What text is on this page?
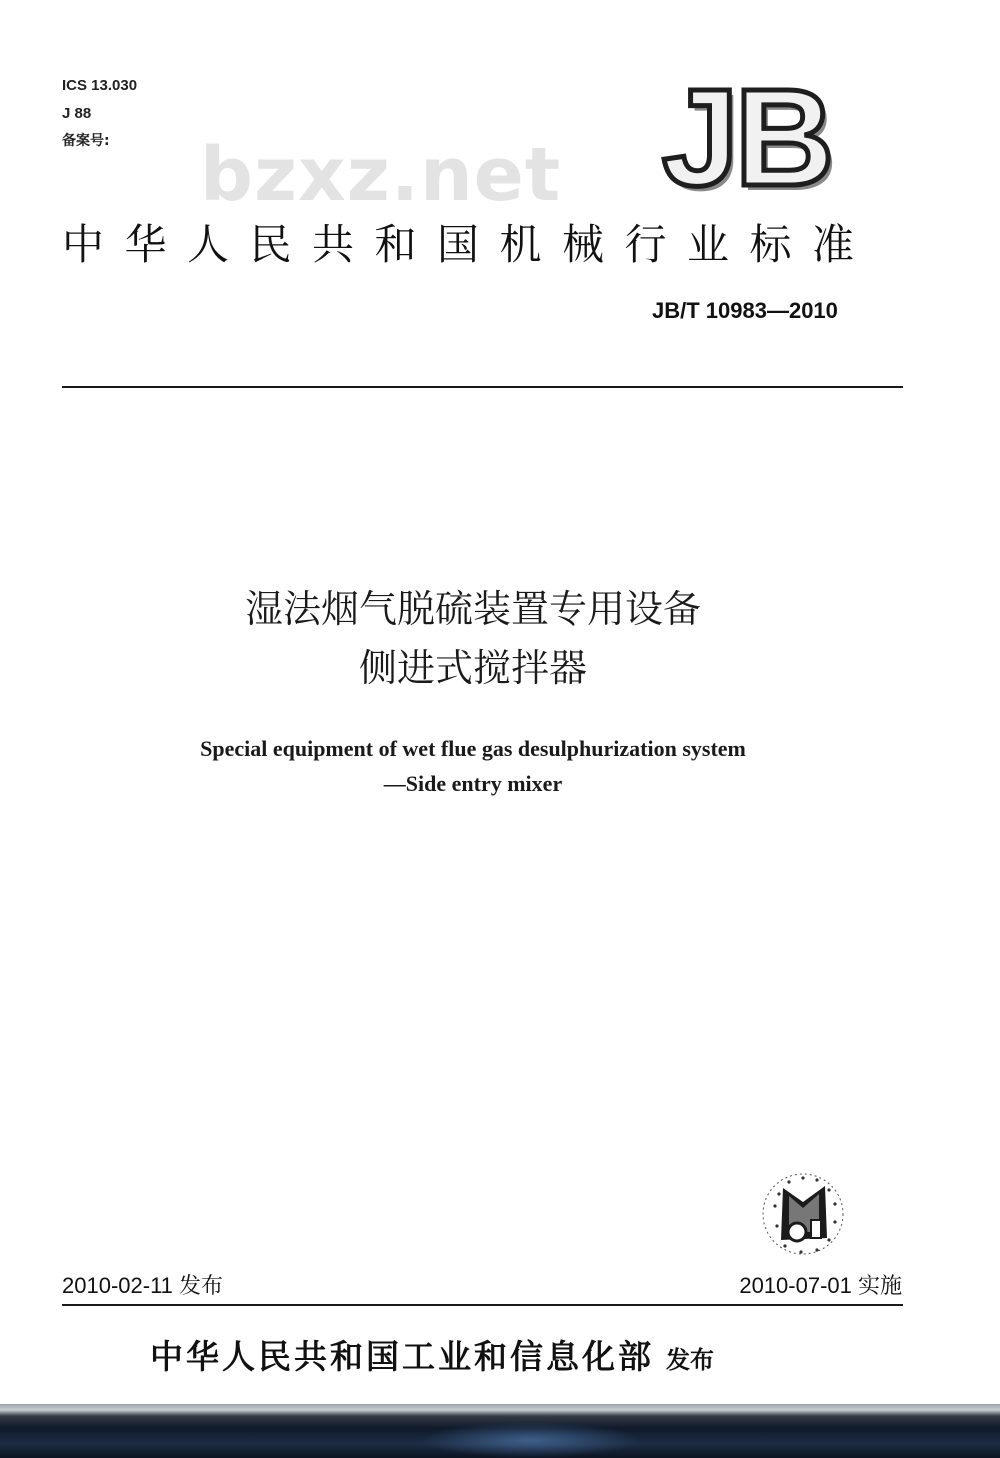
ICS 13.030
J 88
备案号: bzxz.net JB
中华人民共和国机械行业标准
JB/T 10983—2010
湿法烟气脱硫装置专用设备
侧进式搅拌器
Special equipment of wet flue gas desulphurization system
—Side entry mixer
2010-02-11 发布	2010-07-01 实施
中华人民共和国工业和信息化部 发布
